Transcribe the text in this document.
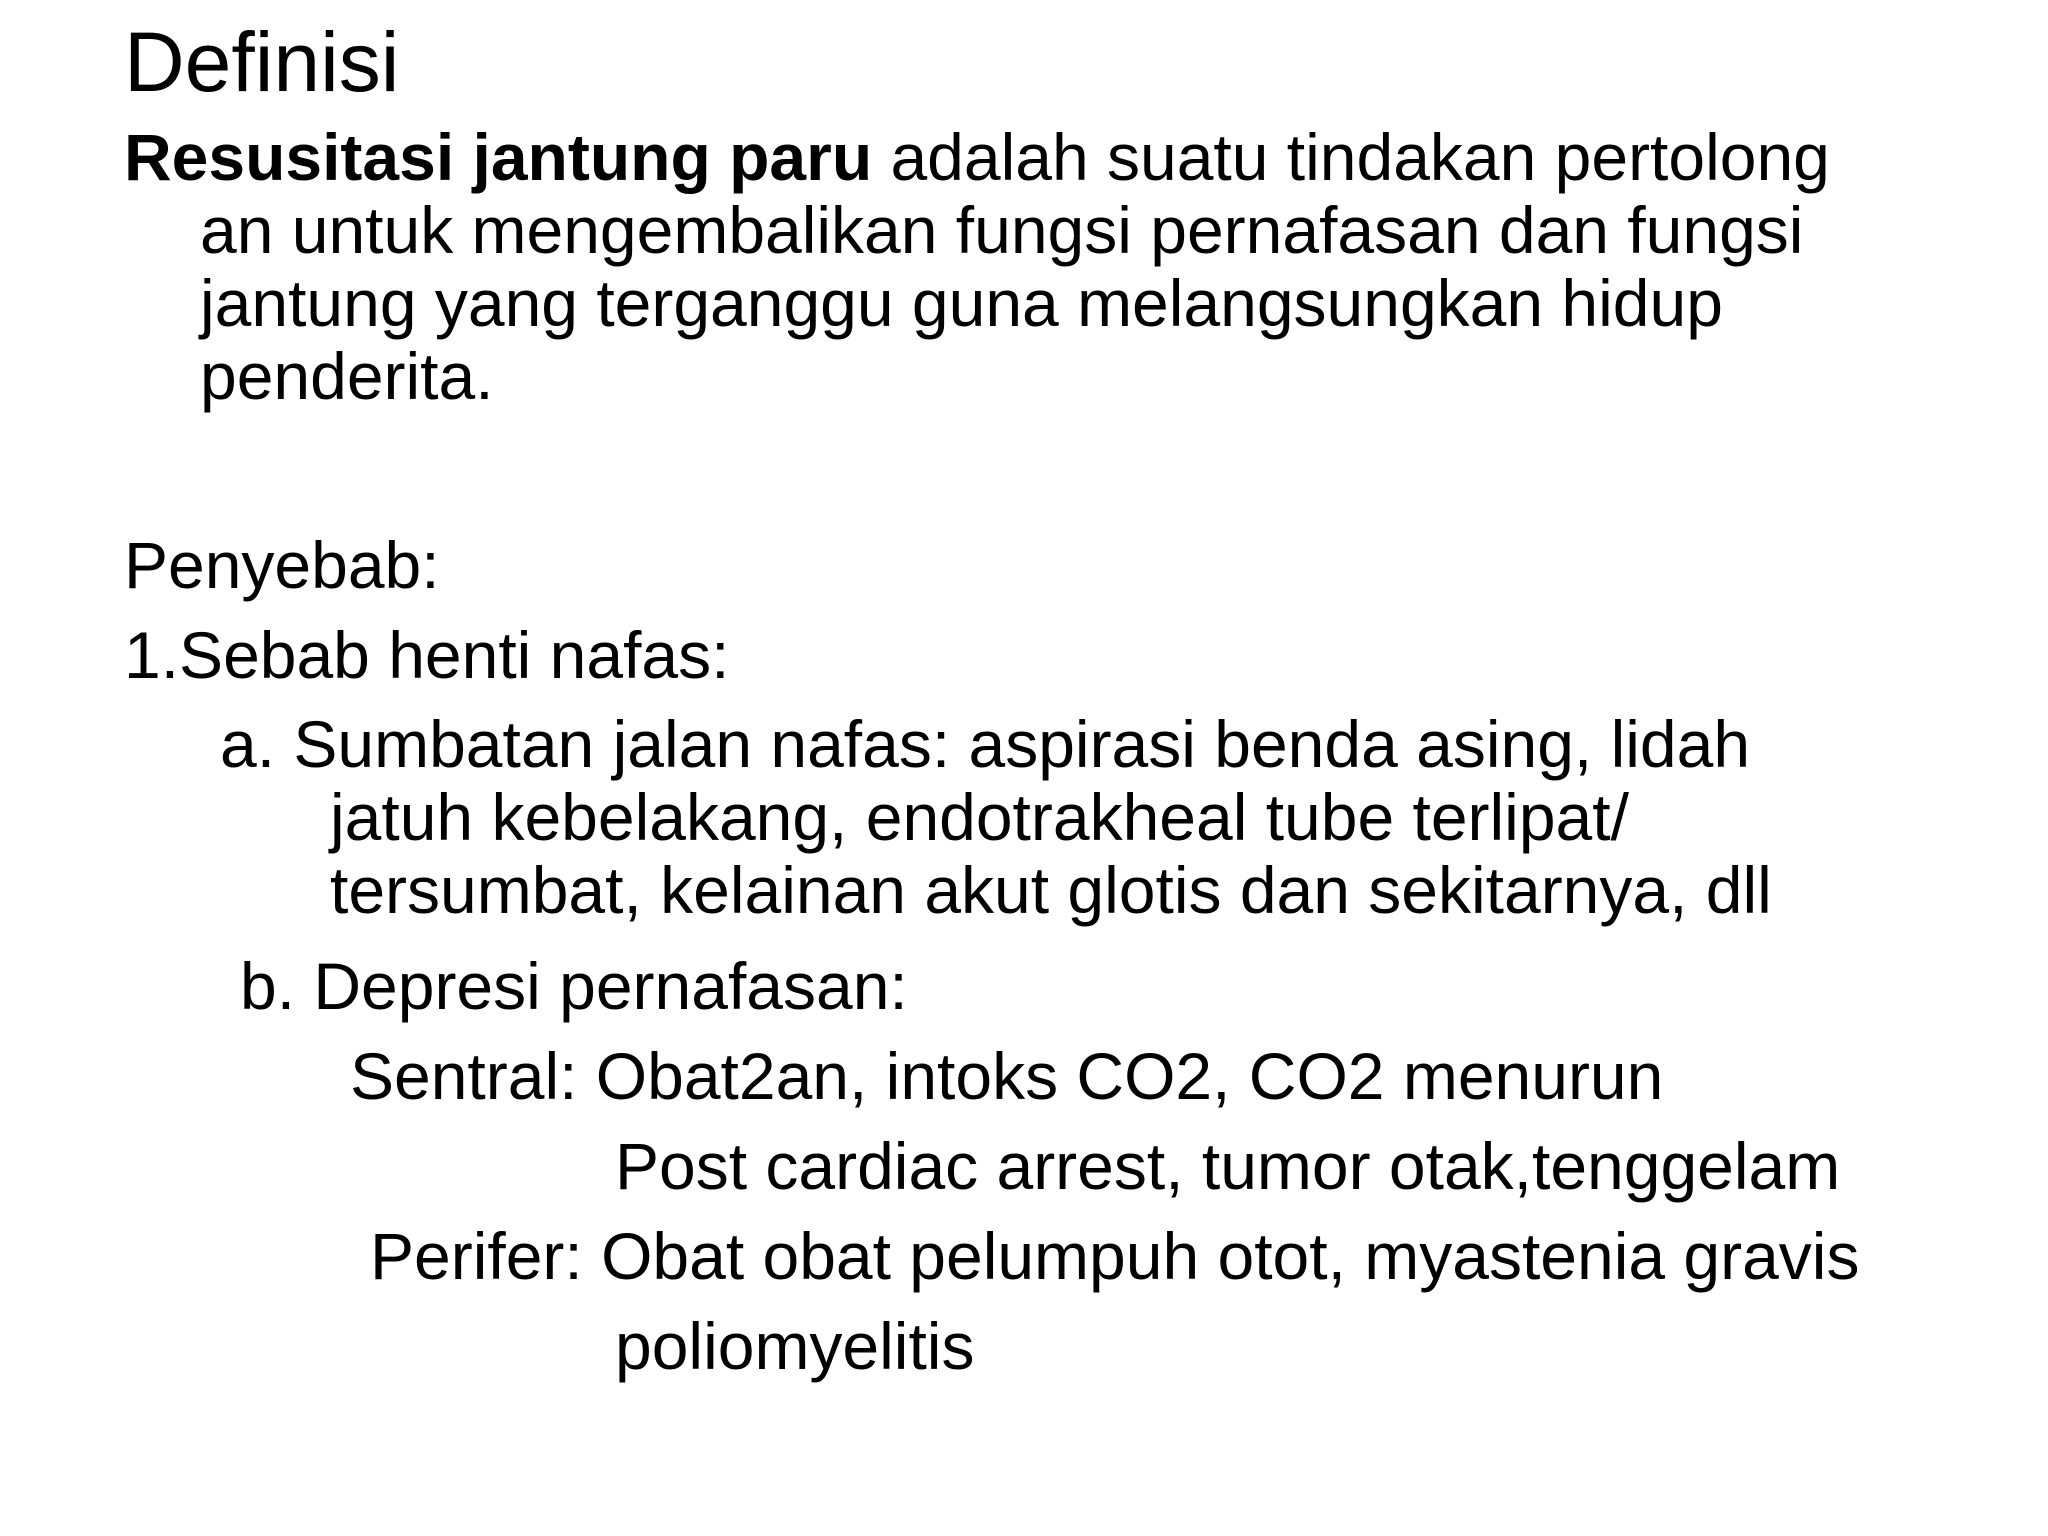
Definisi
Resusitasi jantung paru adalah suatu tindakan pertolong
an untuk mengembalikan fungsi pernafasan dan fungsi
jantung yang terganggu guna melangsungkan hidup
penderita.
Penyebab:
1.Sebab henti nafas:
a. Sumbatan jalan nafas: aspirasi benda asing, lidah
jatuh kebelakang, endotrakheal tube terlipat/
tersumbat, kelainan akut glotis dan sekitarnya, dll
b. Depresi pernafasan:
Sentral: Obat2an, intoks CO2, CO2 menurun
Post cardiac arrest, tumor otak,tenggelam
Perifer: Obat obat pelumpuh otot, myastenia gravis
poliomyelitis
